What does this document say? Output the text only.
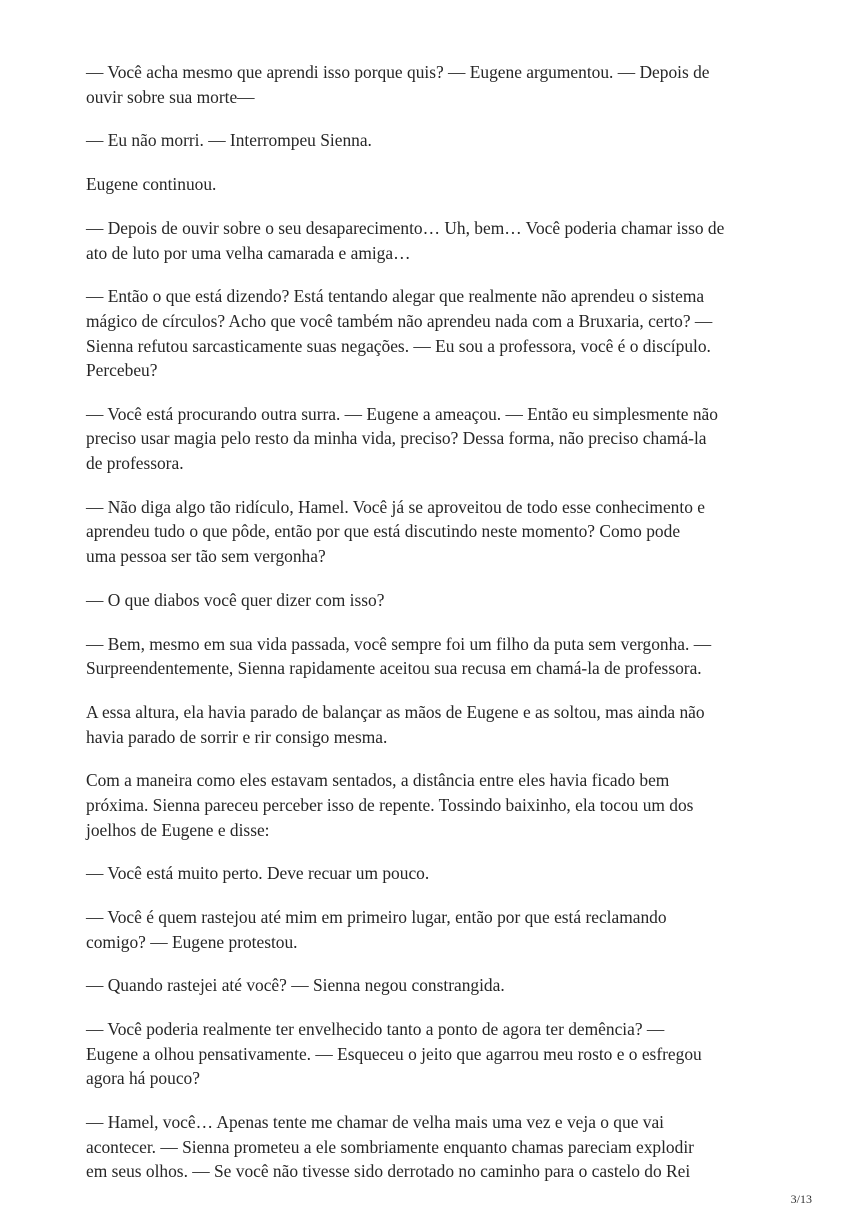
— Você acha mesmo que aprendi isso porque quis? — Eugene argumentou. — Depois de
ouvir sobre sua morte—

— Eu não morri. — Interrompeu Sienna.

Eugene continuou.

— Depois de ouvir sobre o seu desaparecimento… Uh, bem… Você poderia chamar isso de
ato de luto por uma velha camarada e amiga…

— Então o que está dizendo? Está tentando alegar que realmente não aprendeu o sistema
mágico de círculos? Acho que você também não aprendeu nada com a Bruxaria, certo? —
Sienna refutou sarcasticamente suas negações. — Eu sou a professora, você é o discípulo.
Percebeu?

— Você está procurando outra surra. — Eugene a ameaçou. — Então eu simplesmente não
preciso usar magia pelo resto da minha vida, preciso? Dessa forma, não preciso chamá-la
de professora.

— Não diga algo tão ridículo, Hamel. Você já se aproveitou de todo esse conhecimento e
aprendeu tudo o que pôde, então por que está discutindo neste momento? Como pode
uma pessoa ser tão sem vergonha?

— O que diabos você quer dizer com isso?

— Bem, mesmo em sua vida passada, você sempre foi um filho da puta sem vergonha. —
Surpreendentemente, Sienna rapidamente aceitou sua recusa em chamá-la de professora.

A essa altura, ela havia parado de balançar as mãos de Eugene e as soltou, mas ainda não
havia parado de sorrir e rir consigo mesma.

Com a maneira como eles estavam sentados, a distância entre eles havia ficado bem
próxima. Sienna pareceu perceber isso de repente. Tossindo baixinho, ela tocou um dos
joelhos de Eugene e disse:

— Você está muito perto. Deve recuar um pouco.

— Você é quem rastejou até mim em primeiro lugar, então por que está reclamando
comigo? — Eugene protestou.

— Quando rastejei até você? — Sienna negou constrangida.

— Você poderia realmente ter envelhecido tanto a ponto de agora ter demência? —
Eugene a olhou pensativamente. — Esqueceu o jeito que agarrou meu rosto e o esfregou
agora há pouco?

— Hamel, você… Apenas tente me chamar de velha mais uma vez e veja o que vai
acontecer. — Sienna prometeu a ele sombriamente enquanto chamas pareciam explodir
em seus olhos. — Se você não tivesse sido derrotado no caminho para o castelo do Rei

3/13
